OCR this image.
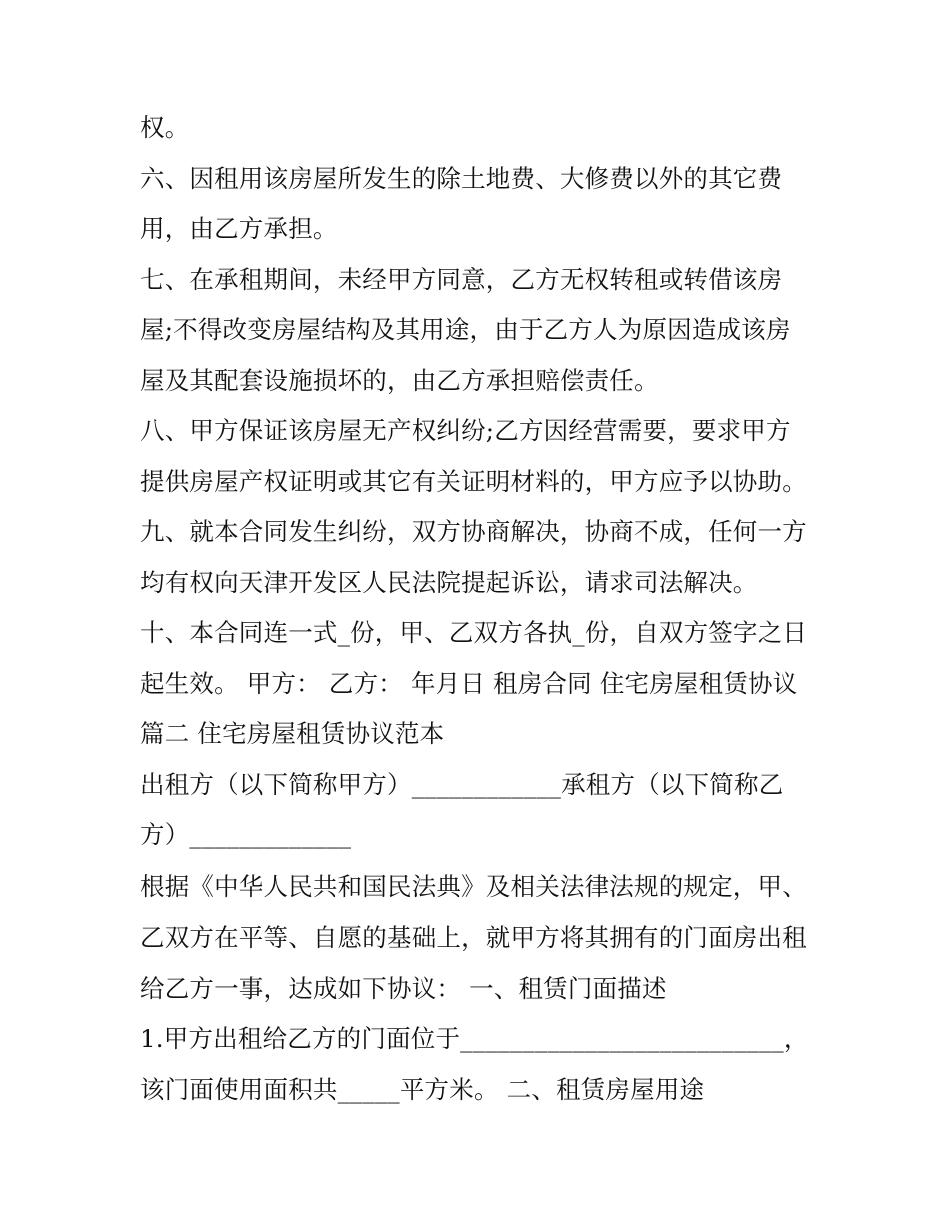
权。
六、因租用该房屋所发生的除土地费、大修费以外的其它费
用，由乙方承担。
七、在承租期间，未经甲方同意，乙方无权转租或转借该房
屋;不得改变房屋结构及其用途，由于乙方人为原因造成该房
屋及其配套设施损坏的，由乙方承担赔偿责任。
八、甲方保证该房屋无产权纠纷;乙方因经营需要，要求甲方
提供房屋产权证明或其它有关证明材料的，甲方应予以协助。
九、就本合同发生纠纷，双方协商解决，协商不成，任何一方
均有权向天津开发区人民法院提起诉讼，请求司法解决。
十、本合同连一式_份，甲、乙双方各执_份，自双方签字之日
起生效。 甲方： 乙方： 年月日 租房合同 住宅房屋租赁协议
篇二 住宅房屋租赁协议范本
出租方（以下简称甲方）____________承租方（以下简称乙
方）_____________
根据《中华人民共和国民法典》及相关法律法规的规定，甲、
乙双方在平等、自愿的基础上，就甲方将其拥有的门面房出租
给乙方一事，达成如下协议： 一、租赁门面描述
1.甲方出租给乙方的门面位于__________________________，
该门面使用面积共_____平方米。 二、租赁房屋用途
